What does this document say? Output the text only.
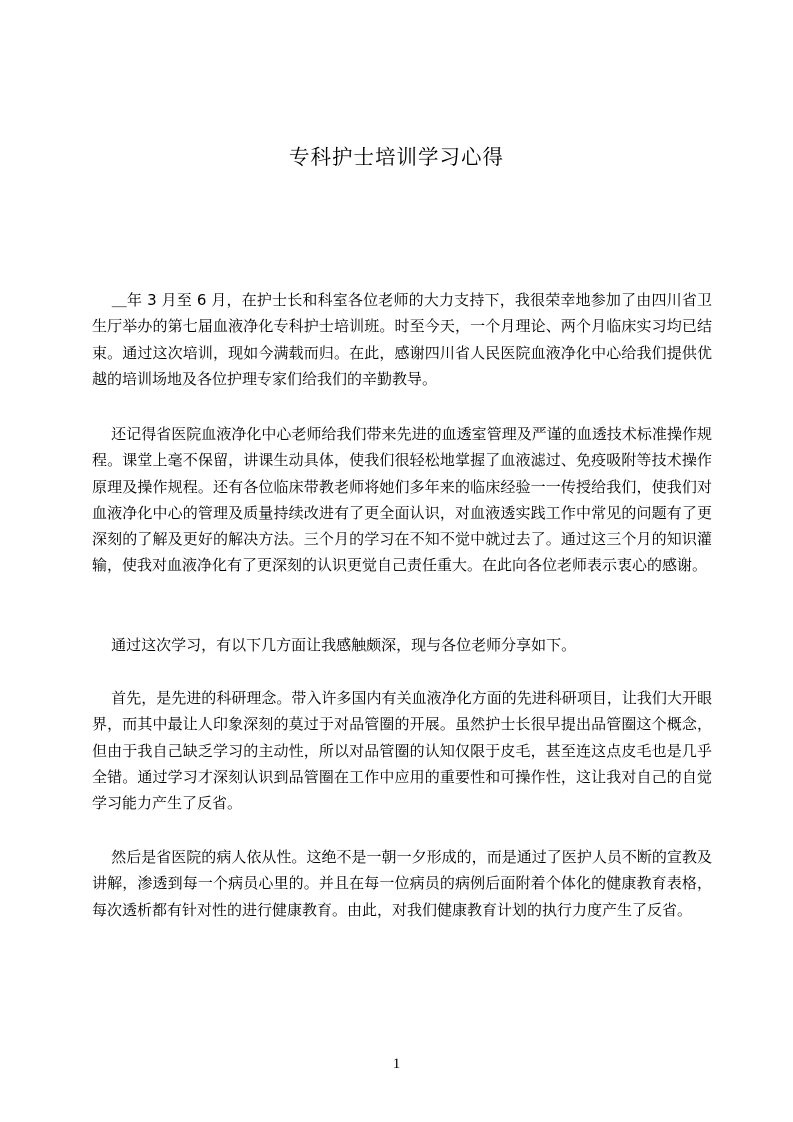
专科护士培训学习心得

＿年 3 月至 6 月，在护士长和科室各位老师的大力支持下，我很荣幸地参加了由四川省卫生厅举办的第七届血液净化专科护士培训班。时至今天，一个月理论、两个月临床实习均已结束。通过这次培训，现如今满载而归。在此，感谢四川省人民医院血液净化中心给我们提供优越的培训场地及各位护理专家们给我们的辛勤教导。

还记得省医院血液净化中心老师给我们带来先进的血透室管理及严谨的血透技术标准操作规程。课堂上毫不保留，讲课生动具体，使我们很轻松地掌握了血液滤过、免疫吸附等技术操作原理及操作规程。还有各位临床带教老师将她们多年来的临床经验一一传授给我们，使我们对血液净化中心的管理及质量持续改进有了更全面认识，对血液透实践工作中常见的问题有了更深刻的了解及更好的解决方法。三个月的学习在不知不觉中就过去了。通过这三个月的知识灌输，使我对血液净化有了更深刻的认识更觉自己责任重大。在此向各位老师表示衷心的感谢。

通过这次学习，有以下几方面让我感触颇深，现与各位老师分享如下。

首先，是先进的科研理念。带入许多国内有关血液净化方面的先进科研项目，让我们大开眼界，而其中最让人印象深刻的莫过于对品管圈的开展。虽然护士长很早提出品管圈这个概念，但由于我自己缺乏学习的主动性，所以对品管圈的认知仅限于皮毛，甚至连这点皮毛也是几乎全错。通过学习才深刻认识到品管圈在工作中应用的重要性和可操作性，这让我对自己的自觉学习能力产生了反省。

然后是省医院的病人依从性。这绝不是一朝一夕形成的，而是通过了医护人员不断的宣教及讲解，渗透到每一个病员心里的。并且在每一位病员的病例后面附着个体化的健康教育表格，每次透析都有针对性的进行健康教育。由此，对我们健康教育计划的执行力度产生了反省。

1
